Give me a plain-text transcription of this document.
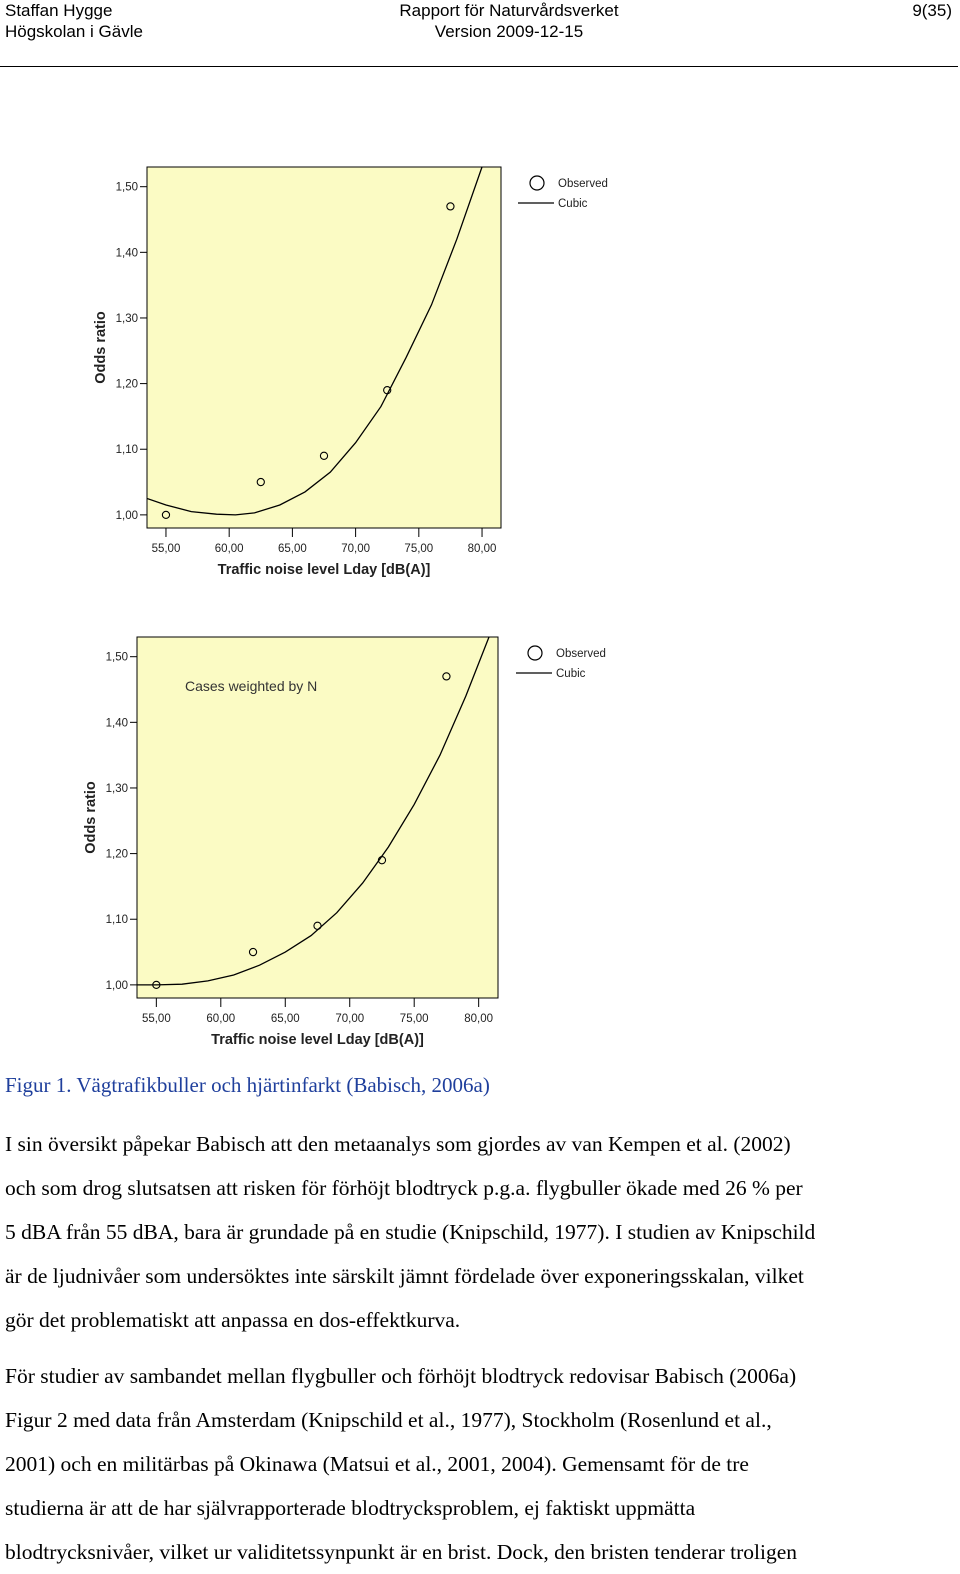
Staffan Hygge
Högskolan i Gävle
Rapport för Naturvårdsverket
Version 2009-12-15
9(35)
1,00
1,10
1,20
1,30
1,40
1,50
55,00	60,00	65,00	70,00	75,00	80,00
Traffic noise level Lday [dB(A)]
Odds ratio
Observed
Cubic
1,00
1,10
1,20
1,30
1,40
1,50
55,00	60,00	65,00	70,00	75,00	80,00
Traffic noise level Lday [dB(A)]
Odds ratio
Cases weighted by N
Observed
Cubic
Figur 1. Vägtrafikbuller och hjärtinfarkt (Babisch, 2006a)
I sin översikt påpekar Babisch att den metaanalys som gjordes av van Kempen et al. (2002)
och som drog slutsatsen att risken för förhöjt blodtryck p.g.a. flygbuller ökade med 26 % per
5 dBA från 55 dBA, bara är grundade på en studie (Knipschild, 1977). I studien av Knipschild
är de ljudnivåer som undersöktes inte särskilt jämnt fördelade över exponeringsskalan, vilket
gör det problematiskt att anpassa en dos-effektkurva.
För studier av sambandet mellan flygbuller och förhöjt blodtryck redovisar Babisch (2006a)
Figur 2 med data från Amsterdam (Knipschild et al., 1977), Stockholm (Rosenlund et al.,
2001) och en militärbas på Okinawa (Matsui et al., 2001, 2004). Gemensamt för de tre
studierna är att de har självrapporterade blodtrycksproblem, ej faktiskt uppmätta
blodtrycksnivåer, vilket ur validitetssynpunkt är en brist. Dock, den bristen tenderar troligen
